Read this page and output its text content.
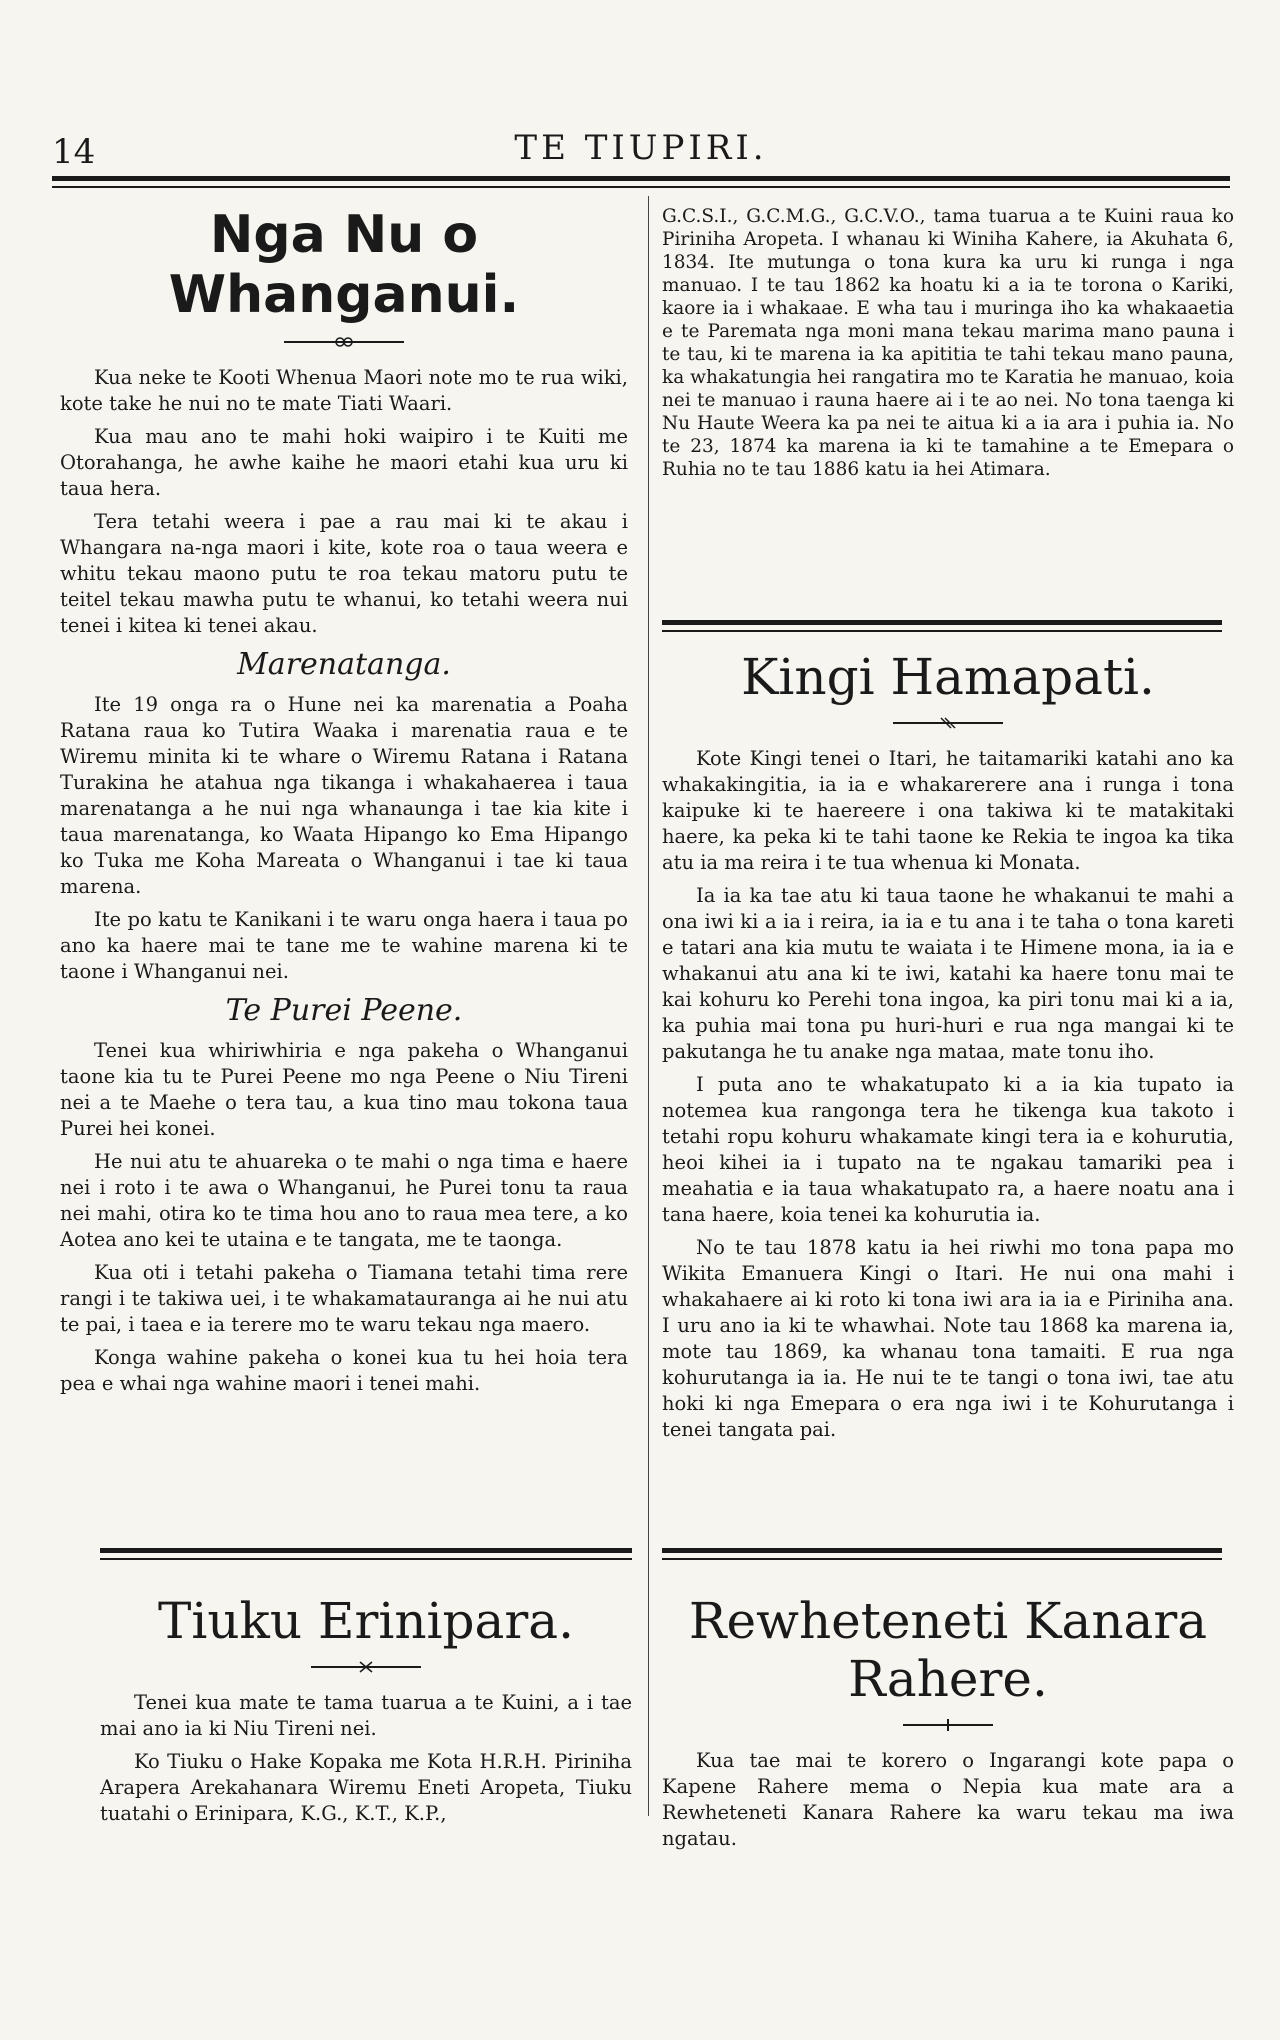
14	TE TIUPIRI.
Nga Nu o Whanganui.

Kua neke te Kooti Whenua Maori note mo te rua wiki, kote take he nui no te mate Tiati Waari.

Kua mau ano te mahi hoki waipiro i te Kuiti me Otorahanga, he awhe kaihe he maori etahi kua uru ki taua hera.

Tera tetahi weera i pae a rau mai ki te akau i Whangara na-nga maori i kite, kote roa o taua weera e whitu tekau maono putu te roa tekau matoru putu te teitel tekau mawha putu te whanui, ko tetahi weera nui tenei i kitea ki tenei akau.

Marenatanga.

Ite 19 onga ra o Hune nei ka marenatia a Poaha Ratana raua ko Tutira Waaka i marenatia raua e te Wiremu minita ki te whare o Wiremu Ratana i Ratana Turakina he atahua nga tikanga i whakahaerea i taua marenatanga a he nui nga whanaunga i tae kia kite i taua marenatanga, ko Waata Hipango ko Ema Hipango ko Tuka me Koha Mareata o Whanganui i tae ki taua marena.

Ite po katu te Kanikani i te waru onga haera i taua po ano ka haere mai te tane me te wahine marena ki te taone i Whanganui nei.

Te Purei Peene.

Tenei kua whiriwhiria e nga pakeha o Whanganui taone kia tu te Purei Peene mo nga Peene o Niu Tireni nei a te Maehe o tera tau, a kua tino mau tokona taua Purei hei konei.

He nui atu te ahuareka o te mahi o nga tima e haere nei i roto i te awa o Whanganui, he Purei tonu ta raua nei mahi, otira ko te tima hou ano to raua mea tere, a ko Aotea ano kei te utaina e te tangata, me te taonga.

Kua oti i tetahi pakeha o Tiamana tetahi tima rere rangi i te takiwa uei, i te whakamatauranga ai he nui atu te pai, i taea e ia terere mo te waru tekau nga maero.

Konga wahine pakeha o konei kua tu hei hoia tera pea e whai nga wahine maori i tenei mahi.

G.C.S.I., G.C.M.G., G.C.V.O., tama tuarua a te Kuini raua ko Piriniha Aropeta. I whanau ki Winiha Kahere, ia Akuhata 6, 1834. Ite mutunga o tona kura ka uru ki runga i nga manuao. I te tau 1862 ka hoatu ki a ia te torona o Kariki, kaore ia i whakaae. E wha tau i muringa iho ka whakaaetia e te Paremata nga moni mana tekau marima mano pauna i te tau, ki te marena ia ka apititia te tahi tekau mano pauna, ka whakatungia hei rangatira mo te Karatia he manuao, koia nei te manuao i rauna haere ai i te ao nei. No tona taenga ki Nu Haute Weera ka pa nei te aitua ki a ia ara i puhia ia. No te 23, 1874 ka marena ia ki te tamahine a te Emepara o Ruhia no te tau 1886 katu ia hei Atimara.

Kingi Hamapati.

Kote Kingi tenei o Itari, he taitamariki katahi ano ka whakakingitia, ia ia e whakarerere ana i runga i tona kaipuke ki te haereere i ona takiwa ki te matakitaki haere, ka peka ki te tahi taone ke Rekia te ingoa ka tika atu ia ma reira i te tua whenua ki Monata.

Ia ia ka tae atu ki taua taone he whakanui te mahi a ona iwi ki a ia i reira, ia ia e tu ana i te taha o tona kareti e tatari ana kia mutu te waiata i te Himene mona, ia ia e whakanui atu ana ki te iwi, katahi ka haere tonu mai te kai kohuru ko Perehi tona ingoa, ka piri tonu mai ki a ia, ka puhia mai tona pu huri-huri e rua nga mangai ki te pakutanga he tu anake nga mataa, mate tonu iho.

I puta ano te whakatupato ki a ia kia tupato ia notemea kua rangonga tera he tikenga kua takoto i tetahi ropu kohuru whakamate kingi tera ia e kohurutia, heoi kihei ia i tupato na te ngakau tamariki pea i meahatia e ia taua whakatupato ra, a haere noatu ana i tana haere, koia tenei ka kohurutia ia.

No te tau 1878 katu ia hei riwhi mo tona papa mo Wikita Emanuera Kingi o Itari. He nui ona mahi i whakahaere ai ki roto ki tona iwi ara ia ia e Piriniha ana. I uru ano ia ki te whawhai. Note tau 1868 ka marena ia, mote tau 1869, ka whanau tona tamaiti. E rua nga kohurutanga ia ia. He nui te te tangi o tona iwi, tae atu hoki ki nga Emepara o era nga iwi i te Kohurutanga i tenei tangata pai.

Tiuku Erinipara.

Tenei kua mate te tama tuarua a te Kuini, a i tae mai ano ia ki Niu Tireni nei.

Ko Tiuku o Hake Kopaka me Kota H.R.H. Piriniha Arapera Arekahanara Wiremu Eneti Aropeta, Tiuku tuatahi o Erinipara, K.G., K.T., K.P.,

Rewheteneti Kanara
Rahere.

Kua tae mai te korero o Ingarangi kote papa o Kapene Rahere mema o Nepia kua mate ara a Rewheteneti Kanara Rahere ka waru tekau ma iwa ngatau.
